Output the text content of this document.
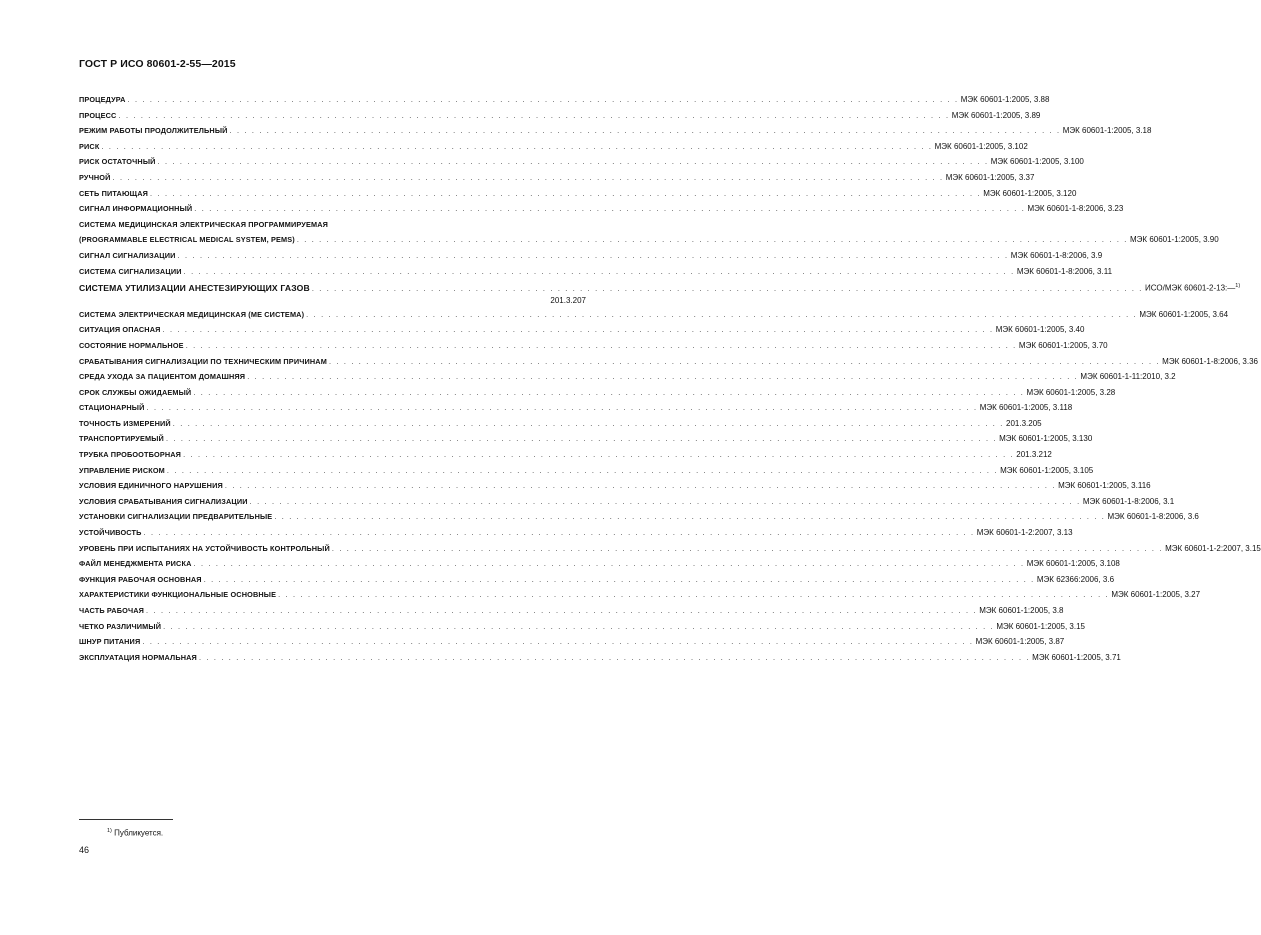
ГОСТ Р ИСО 80601-2-55—2015
ПРОЦЕДУРА . . . . . . . . . . . . . . . . . . . . . . . . . . . . . . . . . . . . . . . . . . . . . . . . . . . . . . . . . . . . . . . . . . . . . . . . . . . . . . . . . . . . . . . . . . . . . . . . . . . . . . . . . . . . . . . . МЭК 60601-1:2005, 3.88
ПРОЦЕСС . . . . . . . . . . . . . . . . . . . . . . . . . . . . . . . . . . . . . . . . . . . . . . . . . . . . . . . . . . . . . . . . . . . . . . . . . . . . . . . . . . . . . . . . . . . . . . . . . . . . . . . . . . . . . . . . МЭК 60601-1:2005, 3.89
РЕЖИМ РАБОТЫ ПРОДОЛЖИТЕЛЬНЫЙ . . . . . . . . . . . . . . . . . . . . . . . . . . . . . . . . . . . . . . . . . . . . . . . . . . . . . . . . . . . . . . . . . . . . . . . . . . . . . . . . . . . . . . . . . . . . . . . . . . . . . . . . . . . . . . . . МЭК 60601-1:2005, 3.18
РИСК . . . . . . . . . . . . . . . . . . . . . . . . . . . . . . . . . . . . . . . . . . . . . . . . . . . . . . . . . . . . . . . . . . . . . . . . . . . . . . . . . . . . . . . . . . . . . . . . . . . . . . . . . . . . . . . . МЭК 60601-1:2005, 3.102
РИСК ОСТАТОЧНЫЙ . . . . . . . . . . . . . . . . . . . . . . . . . . . . . . . . . . . . . . . . . . . . . . . . . . . . . . . . . . . . . . . . . . . . . . . . . . . . . . . . . . . . . . . . . . . . . . . . . . . . . . . . . . . . . . . . МЭК 60601-1:2005, 3.100
РУЧНОЙ . . . . . . . . . . . . . . . . . . . . . . . . . . . . . . . . . . . . . . . . . . . . . . . . . . . . . . . . . . . . . . . . . . . . . . . . . . . . . . . . . . . . . . . . . . . . . . . . . . . . . . . . . . . . . . . . МЭК 60601-1:2005, 3.37
СЕТЬ ПИТАЮЩАЯ . . . . . . . . . . . . . . . . . . . . . . . . . . . . . . . . . . . . . . . . . . . . . . . . . . . . . . . . . . . . . . . . . . . . . . . . . . . . . . . . . . . . . . . . . . . . . . . . . . . . . . . . . . . . . . . . МЭК 60601-1:2005, 3.120
СИГНАЛ ИНФОРМАЦИОННЫЙ . . . . . . . . . . . . . . . . . . . . . . . . . . . . . . . . . . . . . . . . . . . . . . . . . . . . . . . . . . . . . . . . . . . . . . . . . . . . . . . . . . . . . . . . . . . . . . . . . . . . . . . . . . . . . . . . МЭК 60601-1-8:2006, 3.23
СИСТЕМА МЕДИЦИНСКАЯ ЭЛЕКТРИЧЕСКАЯ ПРОГРАММИРУЕМАЯ
(PROGRAMMABLE ELECTRICAL MEDICAL SYSTEM, PEMS) . . . . . . . . . . . . . . . . . . . . . . . . . . . . . . . . . . . . . . . . . . . . . . . . . . . . . . . . . . . . . . . . . . . . . . . . . . . . . . . . . . . . . . . . . . . . . . . . . . . . . . . . . . . . . . . . МЭК 60601-1:2005, 3.90
СИГНАЛ СИГНАЛИЗАЦИИ . . . . . . . . . . . . . . . . . . . . . . . . . . . . . . . . . . . . . . . . . . . . . . . . . . . . . . . . . . . . . . . . . . . . . . . . . . . . . . . . . . . . . . . . . . . . . . . . . . . . . . . . . . . . . . . . МЭК 60601-1-8:2006, 3.9
СИСТЕМА СИГНАЛИЗАЦИИ . . . . . . . . . . . . . . . . . . . . . . . . . . . . . . . . . . . . . . . . . . . . . . . . . . . . . . . . . . . . . . . . . . . . . . . . . . . . . . . . . . . . . . . . . . . . . . . . . . . . . . . . . . . . . . . . МЭК 60601-1-8:2006, 3.11
СИСТЕМА УТИЛИЗАЦИИ АНЕСТЕЗИРУЮЩИХ ГАЗОВ . . . . . . . . . . . . . . . . . . . . . . . . . . . . . . . . . . . . . . . . . . . . . . . . . . . . . . . . . . . . . . . . . . . . . . . . . . . . . . . . . . . . . . . . . . . . . . . . . . . . . . . . . . . . . . . . ИСО/МЭК 60601-2-13:—$^{1)}$
201.3.207
СИСТЕМА ЭЛЕКТРИЧЕСКАЯ МЕДИЦИНСКАЯ (МЕ СИСТЕМА) . . . . . . . . . . . . . . . . . . . . . . . . . . . . . . . . . . . . . . . . . . . . . . . . . . . . . . . . . . . . . . . . . . . . . . . . . . . . . . . . . . . . . . . . . . . . . . . . . . . . . . . . . . . . . . . . МЭК 60601-1:2005, 3.64
СИТУАЦИЯ ОПАСНАЯ . . . . . . . . . . . . . . . . . . . . . . . . . . . . . . . . . . . . . . . . . . . . . . . . . . . . . . . . . . . . . . . . . . . . . . . . . . . . . . . . . . . . . . . . . . . . . . . . . . . . . . . . . . . . . . . . МЭК 60601-1:2005, 3.40
СОСТОЯНИЕ НОРМАЛЬНОЕ . . . . . . . . . . . . . . . . . . . . . . . . . . . . . . . . . . . . . . . . . . . . . . . . . . . . . . . . . . . . . . . . . . . . . . . . . . . . . . . . . . . . . . . . . . . . . . . . . . . . . . . . . . . . . . . . МЭК 60601-1:2005, 3.70
СРАБАТЫВАНИЯ СИГНАЛИЗАЦИИ ПО ТЕХНИЧЕСКИМ ПРИЧИНАМ . . . . . . . . . . . . . . . . . . . . . . . . . . . . . . . . . . . . . . . . . . . . . . . . . . . . . . . . . . . . . . . . . . . . . . . . . . . . . . . . . . . . . . . . . . . . . . . . . . . . . . . . . . . . . . . . МЭК 60601-1-8:2006, 3.36
СРЕДА УХОДА ЗА ПАЦИЕНТОМ ДОМАШНЯЯ . . . . . . . . . . . . . . . . . . . . . . . . . . . . . . . . . . . . . . . . . . . . . . . . . . . . . . . . . . . . . . . . . . . . . . . . . . . . . . . . . . . . . . . . . . . . . . . . . . . . . . . . . . . . . . . . МЭК 60601-1-11:2010, 3.2
СРОК СЛУЖБЫ ОЖИДАЕМЫЙ . . . . . . . . . . . . . . . . . . . . . . . . . . . . . . . . . . . . . . . . . . . . . . . . . . . . . . . . . . . . . . . . . . . . . . . . . . . . . . . . . . . . . . . . . . . . . . . . . . . . . . . . . . . . . . . . МЭК 60601-1:2005, 3.28
СТАЦИОНАРНЫЙ . . . . . . . . . . . . . . . . . . . . . . . . . . . . . . . . . . . . . . . . . . . . . . . . . . . . . . . . . . . . . . . . . . . . . . . . . . . . . . . . . . . . . . . . . . . . . . . . . . . . . . . . . . . . . . . . МЭК 60601-1:2005, 3.118
ТОЧНОСТЬ ИЗМЕРЕНИЙ . . . . . . . . . . . . . . . . . . . . . . . . . . . . . . . . . . . . . . . . . . . . . . . . . . . . . . . . . . . . . . . . . . . . . . . . . . . . . . . . . . . . . . . . . . . . . . . . . . . . . . . . . . . . . . . . 201.3.205
ТРАНСПОРТИРУЕМЫЙ . . . . . . . . . . . . . . . . . . . . . . . . . . . . . . . . . . . . . . . . . . . . . . . . . . . . . . . . . . . . . . . . . . . . . . . . . . . . . . . . . . . . . . . . . . . . . . . . . . . . . . . . . . . . . . . . МЭК 60601-1:2005, 3.130
ТРУБКА ПРОБООТБОРНАЯ . . . . . . . . . . . . . . . . . . . . . . . . . . . . . . . . . . . . . . . . . . . . . . . . . . . . . . . . . . . . . . . . . . . . . . . . . . . . . . . . . . . . . . . . . . . . . . . . . . . . . . . . . . . . . . . . 201.3.212
УПРАВЛЕНИЕ РИСКОМ . . . . . . . . . . . . . . . . . . . . . . . . . . . . . . . . . . . . . . . . . . . . . . . . . . . . . . . . . . . . . . . . . . . . . . . . . . . . . . . . . . . . . . . . . . . . . . . . . . . . . . . . . . . . . . . . МЭК 60601-1:2005, 3.105
УСЛОВИЯ ЕДИНИЧНОГО НАРУШЕНИЯ . . . . . . . . . . . . . . . . . . . . . . . . . . . . . . . . . . . . . . . . . . . . . . . . . . . . . . . . . . . . . . . . . . . . . . . . . . . . . . . . . . . . . . . . . . . . . . . . . . . . . . . . . . . . . . . . МЭК 60601-1:2005, 3.116
УСЛОВИЯ СРАБАТЫВАНИЯ СИГНАЛИЗАЦИИ . . . . . . . . . . . . . . . . . . . . . . . . . . . . . . . . . . . . . . . . . . . . . . . . . . . . . . . . . . . . . . . . . . . . . . . . . . . . . . . . . . . . . . . . . . . . . . . . . . . . . . . . . . . . . . . . МЭК 60601-1-8:2006, 3.1
УСТАНОВКИ СИГНАЛИЗАЦИИ ПРЕДВАРИТЕЛЬНЫЕ . . . . . . . . . . . . . . . . . . . . . . . . . . . . . . . . . . . . . . . . . . . . . . . . . . . . . . . . . . . . . . . . . . . . . . . . . . . . . . . . . . . . . . . . . . . . . . . . . . . . . . . . . . . . . . . . МЭК 60601-1-8:2006, 3.6
УСТОЙЧИВОСТЬ . . . . . . . . . . . . . . . . . . . . . . . . . . . . . . . . . . . . . . . . . . . . . . . . . . . . . . . . . . . . . . . . . . . . . . . . . . . . . . . . . . . . . . . . . . . . . . . . . . . . . . . . . . . . . . . . МЭК 60601-1-2:2007, 3.13
УРОВЕНЬ ПРИ ИСПЫТАНИЯХ НА УСТОЙЧИВОСТЬ КОНТРОЛЬНЫЙ . . . . . . . . . . . . . . . . . . . . . . . . . . . . . . . . . . . . . . . . . . . . . . . . . . . . . . . . . . . . . . . . . . . . . . . . . . . . . . . . . . . . . . . . . . . . . . . . . . . . . . . . . . . . . . . . МЭК 60601-1-2:2007, 3.15
ФАЙЛ МЕНЕДЖМЕНТА РИСКА . . . . . . . . . . . . . . . . . . . . . . . . . . . . . . . . . . . . . . . . . . . . . . . . . . . . . . . . . . . . . . . . . . . . . . . . . . . . . . . . . . . . . . . . . . . . . . . . . . . . . . . . . . . . . . . . МЭК 60601-1:2005, 3.108
ФУНКЦИЯ РАБОЧАЯ ОСНОВНАЯ . . . . . . . . . . . . . . . . . . . . . . . . . . . . . . . . . . . . . . . . . . . . . . . . . . . . . . . . . . . . . . . . . . . . . . . . . . . . . . . . . . . . . . . . . . . . . . . . . . . . . . . . . . . . . . . . МЭК 62366:2006, 3.6
ХАРАКТЕРИСТИКИ ФУНКЦИОНАЛЬНЫЕ ОСНОВНЫЕ . . . . . . . . . . . . . . . . . . . . . . . . . . . . . . . . . . . . . . . . . . . . . . . . . . . . . . . . . . . . . . . . . . . . . . . . . . . . . . . . . . . . . . . . . . . . . . . . . . . . . . . . . . . . . . . . МЭК 60601-1:2005, 3.27
ЧАСТЬ РАБОЧАЯ . . . . . . . . . . . . . . . . . . . . . . . . . . . . . . . . . . . . . . . . . . . . . . . . . . . . . . . . . . . . . . . . . . . . . . . . . . . . . . . . . . . . . . . . . . . . . . . . . . . . . . . . . . . . . . . . МЭК 60601-1:2005, 3.8
ЧЕТКО РАЗЛИЧИМЫЙ . . . . . . . . . . . . . . . . . . . . . . . . . . . . . . . . . . . . . . . . . . . . . . . . . . . . . . . . . . . . . . . . . . . . . . . . . . . . . . . . . . . . . . . . . . . . . . . . . . . . . . . . . . . . . . . . МЭК 60601-1:2005, 3.15
ШНУР ПИТАНИЯ . . . . . . . . . . . . . . . . . . . . . . . . . . . . . . . . . . . . . . . . . . . . . . . . . . . . . . . . . . . . . . . . . . . . . . . . . . . . . . . . . . . . . . . . . . . . . . . . . . . . . . . . . . . . . . . . МЭК 60601-1:2005, 3.87
ЭКСПЛУАТАЦИЯ НОРМАЛЬНАЯ . . . . . . . . . . . . . . . . . . . . . . . . . . . . . . . . . . . . . . . . . . . . . . . . . . . . . . . . . . . . . . . . . . . . . . . . . . . . . . . . . . . . . . . . . . . . . . . . . . . . . . . . . . . . . . . . МЭК 60601-1:2005, 3.71
$^{1)}$ Публикуется.
46
